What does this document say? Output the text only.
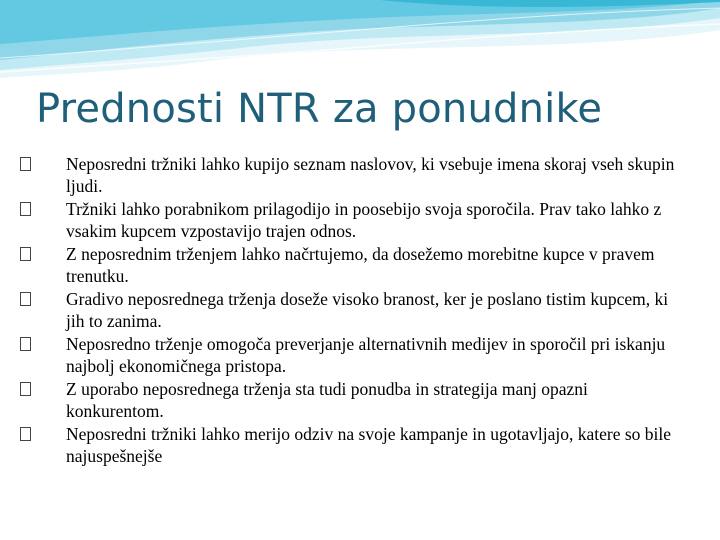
Prednosti NTR za ponudnike
Neposredni tržniki lahko kupijo seznam naslovov, ki vsebuje imena skoraj vseh skupin ljudi.
Tržniki lahko porabnikom prilagodijo in poosebijo svoja sporočila. Prav tako lahko z vsakim kupcem vzpostavijo trajen odnos.
Z neposrednim trženjem lahko načrtujemo, da dosežemo morebitne kupce v pravem trenutku.
Gradivo neposrednega trženja doseže visoko branost, ker je poslano tistim kupcem, ki jih to zanima.
Neposredno trženje omogoča preverjanje alternativnih medijev in sporočil pri iskanju najbolj ekonomičnega pristopa.
Z uporabo neposrednega trženja sta tudi ponudba in strategija manj opazni konkurentom.
Neposredni tržniki lahko merijo odziv na svoje kampanje in ugotavljajo, katere so bile najuspešnejše
